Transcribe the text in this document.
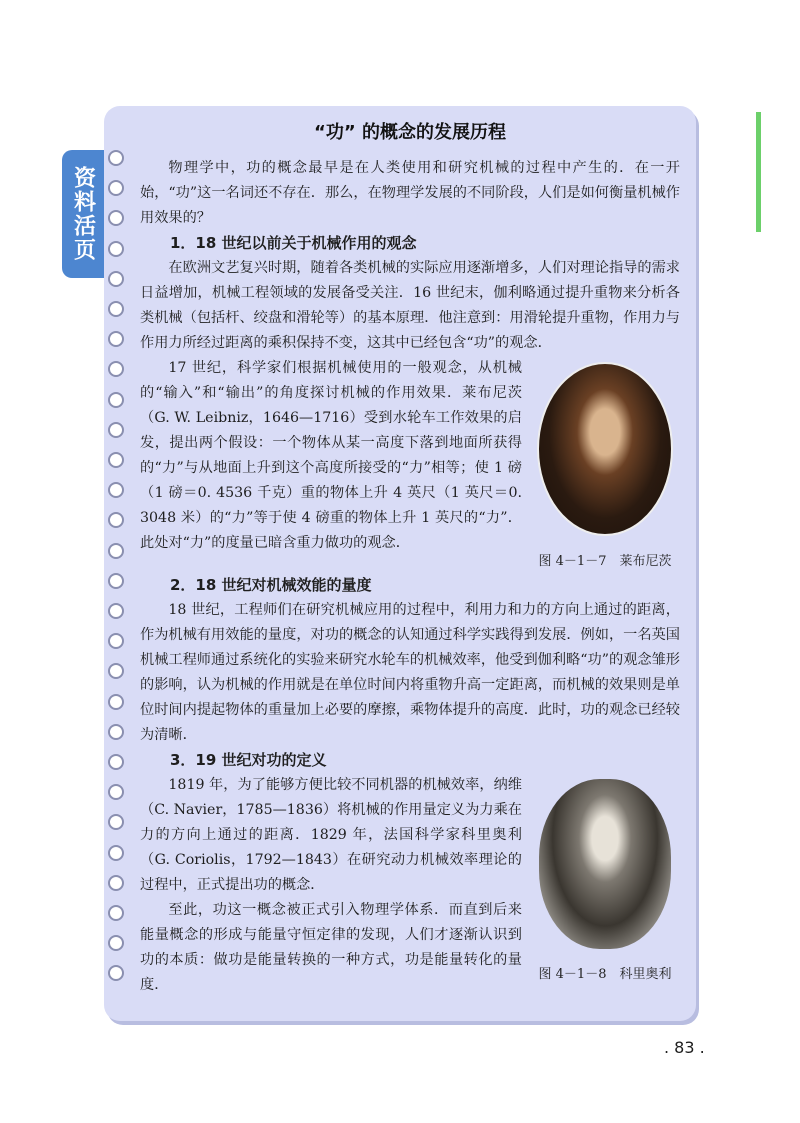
资料活页
“功” 的概念的发展历程

物理学中，功的概念最早是在人类使用和研究机械的过程中产生的．在一开始，“功”这一名词还不存在．那么，在物理学发展的不同阶段，人们是如何衡量机械作用效果的？

1．18 世纪以前关于机械作用的观念

在欧洲文艺复兴时期，随着各类机械的实际应用逐渐增多，人们对理论指导的需求日益增加，机械工程领域的发展备受关注．16 世纪末，伽利略通过提升重物来分析各类机械（包括杆、绞盘和滑轮等）的基本原理．他注意到：用滑轮提升重物，作用力与作用力所经过距离的乘积保持不变，这其中已经包含“功”的观念．

图 4－1－7　莱布尼茨

17 世纪，科学家们根据机械使用的一般观念，从机械的“输入”和“输出”的角度探讨机械的作用效果．莱布尼茨（G. W. Leibniz，1646—1716）受到水轮车工作效果的启发，提出两个假设：一个物体从某一高度下落到地面所获得的“力”与从地面上升到这个高度所接受的“力”相等；使 1 磅（1 磅＝0. 4536 千克）重的物体上升 4 英尺（1 英尺＝0. 3048 米）的“力”等于使 4 磅重的物体上升 1 英尺的“力”．此处对“力”的度量已暗含重力做功的观念．

2．18 世纪对机械效能的量度

18 世纪，工程师们在研究机械应用的过程中，利用力和力的方向上通过的距离，作为机械有用效能的量度，对功的概念的认知通过科学实践得到发展．例如，一名英国机械工程师通过系统化的实验来研究水轮车的机械效率，他受到伽利略“功”的观念雏形的影响，认为机械的作用就是在单位时间内将重物升高一定距离，而机械的效果则是单位时间内提起物体的重量加上必要的摩擦，乘物体提升的高度．此时，功的观念已经较为清晰．

3．19 世纪对功的定义
图 4－1－8　科里奥利

1819 年，为了能够方便比较不同机器的机械效率，纳维（C. Navier，1785—1836）将机械的作用量定义为力乘在力的方向上通过的距离．1829 年，法国科学家科里奥利（G. Coriolis，1792—1843）在研究动力机械效率理论的过程中，正式提出功的概念．

至此，功这一概念被正式引入物理学体系．而直到后来能量概念的形成与能量守恒定律的发现，人们才逐渐认识到功的本质：做功是能量转换的一种方式，功是能量转化的量度．

. 83 .
